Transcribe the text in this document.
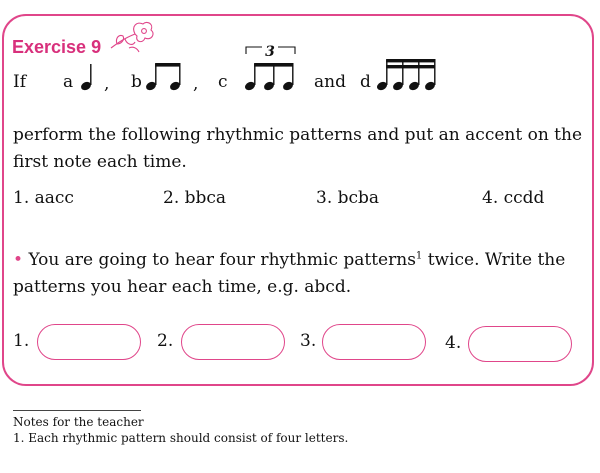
Exercise 9
If a , b	, c
3
and d

perform the following rhythmic patterns and put an accent on the first note each time.

1. aacc	2. bbca	3. bcba	4. ccdd

• You are going to hear four rhythmic patterns$^1$ twice. Write the patterns you hear each time, e.g. abcd.

1.	2.	3.	4.
Notes for the teacher
1. Each rhythmic pattern should consist of four letters.
